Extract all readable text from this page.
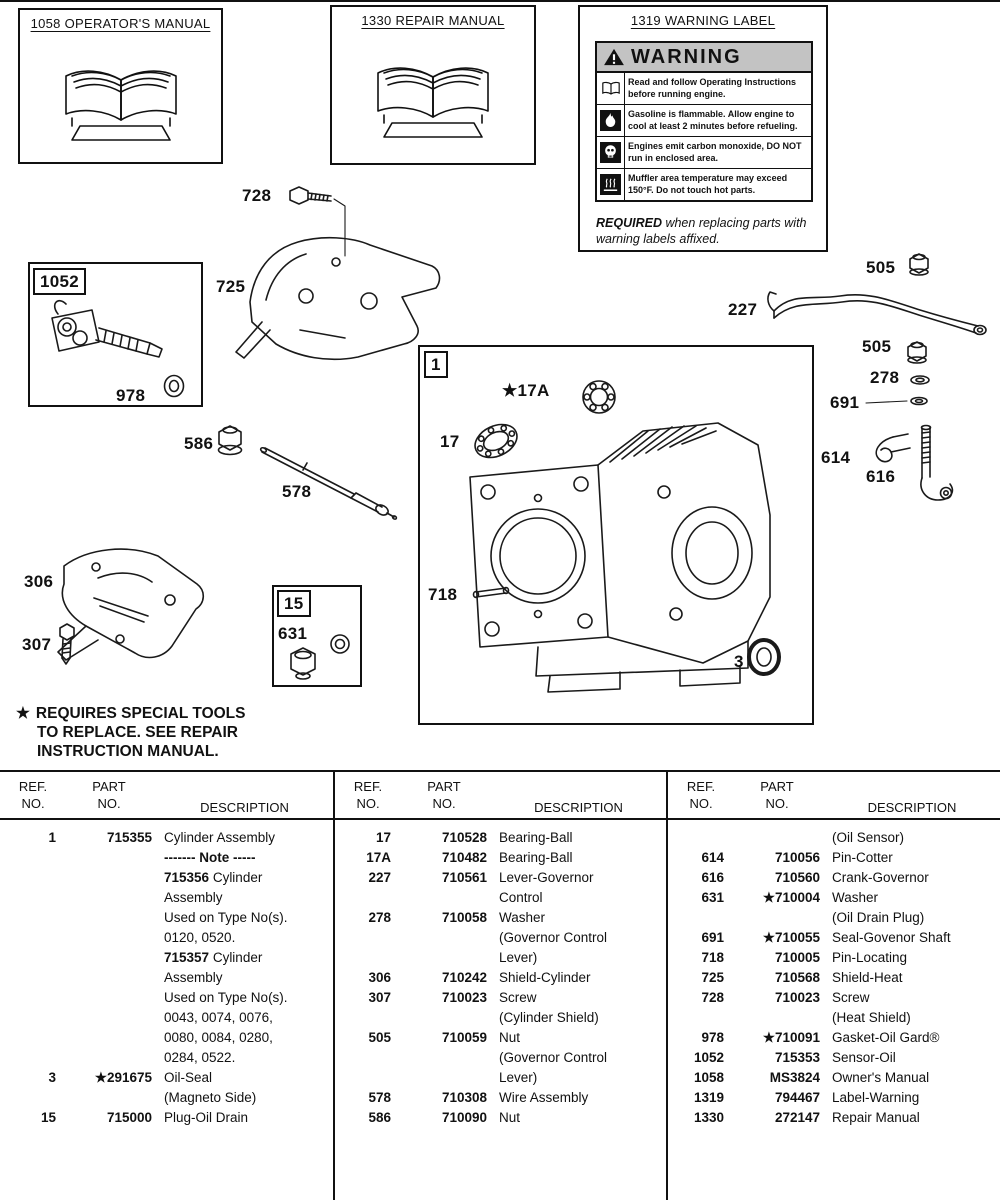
1058 OPERATOR'S MANUAL	1330 REPAIR MANUAL	1319 WARNING LABEL
WARNING
Read and follow Operating Instructions before running engine.
Gasoline is flammable. Allow engine to cool at least 2 minutes before refueling.
Engines emit carbon monoxide, DO NOT run in enclosed area.
Muffler area temperature may exceed 150°F. Do not touch hot parts.
REQUIRED when replacing parts with warning labels affixed.
728
725
1052
978
586
578
306
307
15
631
1
★17A
17
718
3
227
505
505
278
691
614
616
★ REQUIRES SPECIAL TOOLS
TO REPLACE. SEE REPAIR
INSTRUCTION MANUAL.
REF.
NO.
PART
NO.	DESCRIPTION
1	715355 Cylinder Assembly
------- Note -----
715356 Cylinder
Assembly
Used on Type No(s).
0120, 0520.
715357 Cylinder
Assembly
Used on Type No(s).
0043, 0074, 0076,
0080, 0084, 0280,
0284, 0522.
3	★291675 Oil-Seal
(Magneto Side)
15	715000 Plug-Oil Drain
REF.
NO.
PART
NO.	DESCRIPTION
17	710528 Bearing-Ball
17A	710482 Bearing-Ball
227	710561 Lever-Governor
Control
278	710058 Washer
(Governor Control
Lever)
306	710242 Shield-Cylinder
307	710023 Screw
(Cylinder Shield)
505	710059 Nut
(Governor Control
Lever)
578	710308 Wire Assembly
586	710090 Nut
REF.
NO.
PART
NO.	DESCRIPTION
(Oil Sensor)
614	710056 Pin-Cotter
616	710560 Crank-Governor
631	★710004 Washer
(Oil Drain Plug)
691	★710055 Seal-Govenor Shaft
718	710005 Pin-Locating
725	710568 Shield-Heat
728	710023 Screw
(Heat Shield)
978	★710091 Gasket-Oil Gard®
1052	715353 Sensor-Oil
1058	MS3824 Owner's Manual
1319	794467 Label-Warning
1330	272147 Repair Manual
